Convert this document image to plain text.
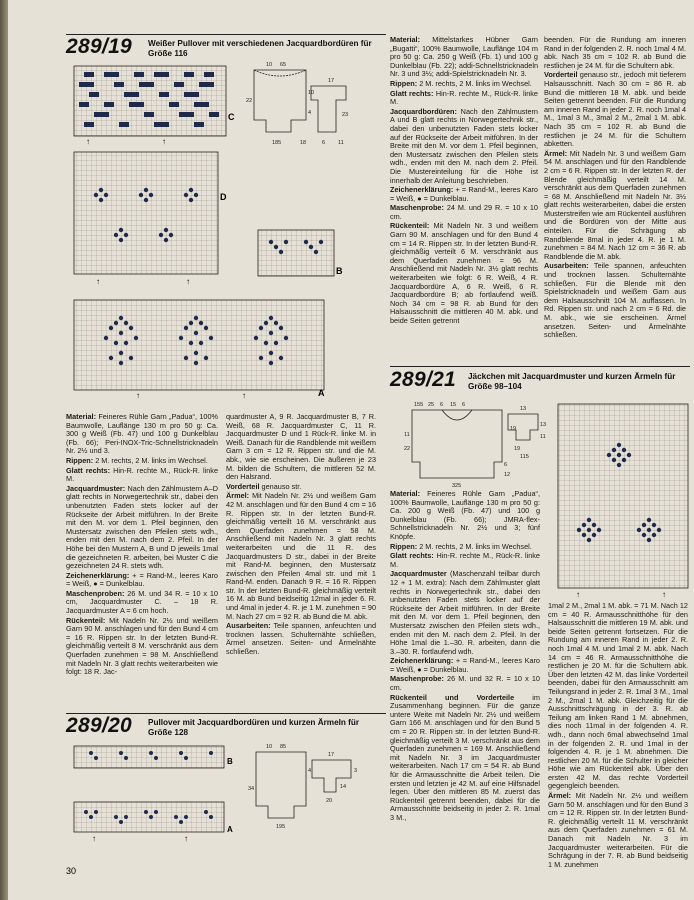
289/19 Weißer Pullover mit verschiedenen Jacquardbordüren für Größe 116
C
↑	↑
10 65
17
22
4
10
23
6 11
185	18
D
↑	↑
B
A
↑	↑

Material: Feineres Rühle Garn „Padua“, 100% Baumwolle, Lauflänge 130 m pro 50 g: Ca. 300 g Weiß (Fb. 47) und 100 g Dunkelblau (Fb. 66); Peri-INOX-Tric-Schnellstricknadeln Nr. 2½ und 3.

Rippen: 2 M. rechts, 2 M. links im Wechsel.

Glatt rechts: Hin-R. rechte M., Rück-R. linke M.

Jacquardmuster: Nach den Zählmustern A–D glatt rechts in Norwegertechnik str., dabei den unbenutzten Faden stets locker auf der Rückseite der Arbeit mitführen. In der Breite mit den M. vor dem 1. Pfeil beginnen, den Mustersatz zwischen den Pfeilen stets wdh., enden mit den M. nach dem 2. Pfeil. In der Höhe bei den Mustern A, B und D jeweils 1mal die gezeichneten R. arbeiten, bei Muster C die gezeichneten 24 R. stets wdh.

Zeichenerklärung: + = Rand-M., leeres Karo = Weiß, ● = Dunkelblau.

Maschenproben: 26 M. und 34 R. = 10 x 10 cm, Jacquardmuster C. – 18 R. Jacquardmuster A = 6 cm hoch.

Rückenteil: Mit Nadeln Nr. 2½ und weißem Garn 90 M. anschlagen und für den Bund 4 cm = 16 R. Rippen str. In der letzten Bund-R. gleichmäßig verteilt 8 M. verschränkt aus dem Querfaden zunehmen = 98 M. Anschließend mit Nadeln Nr. 3 glatt rechts weiterarbeiten wie folgt: 18 R. Jac-

quardmuster A, 9 R. Jacquardmuster B, 7 R. Weiß, 68 R. Jacquardmuster C, 11 R. Jacquardmuster D und 1 Rück-R. linke M. in Weiß. Danach für die Randblende mit weißem Garn 3 cm = 12 R. Rippen str. und die M. abk., wie sie erscheinen. Die äußeren je 23 M. bilden die Schultern, die mittleren 52 M. den Halsrand.

Vorderteil genauso str.

Ärmel: Mit Nadeln Nr. 2½ und weißem Garn 42 M. anschlagen und für den Bund 4 cm = 16 R. Rippen str. In der letzten Bund-R. gleichmäßig verteilt 16 M. verschränkt aus dem Querfaden zunehmen = 58 M. Anschließend mit Nadeln Nr. 3 glatt rechts weiterarbeiten und die 11 R. des Jacquardmusters D str., dabei in der Breite mit Rand-M. beginnen, den Mustersatz zwischen den Pfeilen 4mal str. und mit 1 Rand-M. enden. Danach 9 R. = 16 R. Rippen str. In der letzten Bund-R. gleichmäßig verteilt 16 M. ab Bund beidseitig 12mal in jeder 6. R. und 4mal in jeder 4. R. je 1 M. zunehmen = 90 M. Nach 27 cm = 92 R. ab Bund die M. abk.

Ausarbeiten: Teile spannen, anfeuchten und trocknen lassen. Schulternähte schließen, Ärmel ansetzen. Seiten- und Ärmelnähte schließen.

289/20 Pullover mit Jacquardbordüren und kurzen Ärmeln für Größe 128
B
A
↑	↑
10 85
17
4
34	14
3
195
20
30

Material: Mittelstarkes Hübner Garn „Bugatti“, 100% Baumwolle, Lauflänge 104 m pro 50 g: Ca. 250 g Weiß (Fb. 1) und 100 g Dunkelblau (Fb. 22); addi-Schnellstricknadeln Nr. 3 und 3½; addi-Spielstricknadeln Nr. 3.

Rippen: 2 M. rechts, 2 M. links im Wechsel.

Glatt rechts: Hin-R. rechte M., Rück-R. linke M.

Jacquardbordüren: Nach den Zählmustern A und B glatt rechts in Norwegertechnik str., dabei den unbenutzten Faden stets locker auf der Rückseite der Arbeit mitführen. In der Breite mit den M. vor dem 1. Pfeil beginnen, den Mustersatz zwischen den Pfeilen stets wdh., enden mit den M. nach dem 2. Pfeil. Die Mustereinteilung für die Höhe ist innerhalb der Anleitung beschrieben.

Zeichenerklärung: + = Rand-M., leeres Karo = Weiß, ● = Dunkelblau.

Maschenprobe: 24 M. und 29 R. = 10 x 10 cm.

Rückenteil: Mit Nadeln Nr. 3 und weißem Garn 90 M. anschlagen und für den Bund 4 cm = 14 R. Rippen str. In der letzten Bund-R. gleichmäßig verteilt 6 M. verschränkt aus dem Querfaden zunehmen = 96 M. Anschließend mit Nadeln Nr. 3½ glatt rechts weiterarbeiten wie folgt: 6 R. Weiß, 4 R. Jacquardbordüre A, 6 R. Weiß, 6 R. Jacquardbordüre B; ab fortlaufend weiß. Noch 34 cm = 98 R. ab Bund für den Halsausschnitt die mittleren 40 M. abk. und beide Seiten getrennt

beenden. Für die Rundung am inneren Rand in der folgenden 2. R. noch 1mal 4 M. abk. Nach 35 cm = 102 R. ab Bund die restlichen je 24 M. für die Schultern abk.

Vorderteil genauso str., jedoch mit tieferem Halsausschnitt. Nach 30 cm = 86 R. ab Bund die mittleren 18 M. abk. und beide Seiten getrennt beenden. Für die Rundung am inneren Rand in jeder 2. R. noch 1mal 4 M., 1mal 3 M., 3mal 2 M., 2mal 1 M. abk. Nach 35 cm = 102 R. ab Bund die restlichen je 24 M. für die Schultern abketten.

Ärmel: Mit Nadeln Nr. 3 und weißem Garn 54 M. anschlagen und für den Randblende 2 cm = 6 R. Rippen str. In der letzten R. der Blende gleichmäßig verteilt 14 M. verschränkt aus dem Querfaden zunehmen = 68 M. Anschließend mit Nadeln Nr. 3½ glatt rechts weiterarbeiten, dabei die ersten Musterstreifen wie am Rückenteil ausführen und die Bordüren von der Mitte aus einteilen. Für die Schrägung ab Randblende 8mal in jeder 4. R. je 1 M. zunehmen = 84 M. Nach 12 cm = 36 R. ab Randblende die M. abk.

Ausarbeiten: Teile spannen, anfeuchten und trocknen lassen. Schulternähte schließen. Für die Blende mit den Spielstricknadeln und weißem Garn aus dem Halsausschnitt 104 M. auffassen. In Rd. Rippen str. und nach 2 cm = 6 Rd. die M. abk., wie sie erscheinen. Ärmel ansetzen. Seiten- und Ärmelnähte schließen.

289/21 Jäckchen mit Jacquardmuster und kurzen Ärmeln für Größe 98–104
155 25 6 15 6
13
19
13
11
19
115
325
11
22
6
12
↑	↑

Material: Feineres Rühle Garn „Padua“, 100% Baumwolle, Lauflänge 130 m pro 50 g: Ca. 200 g Weiß (Fb. 47) und 100 g Dunkelblau (Fb. 66); JMRA-flex-Schnellstricknadeln Nr. 2½ und 3; fünf Knöpfe.

Rippen: 2 M. rechts, 2 M. links im Wechsel.

Glatt rechts: Hin-R. rechte M., Rück-R. linke M.

Jacquardmuster (Maschenzahl teilbar durch 12 + 1 M. extra): Nach dem Zählmuster glatt rechts in Norwegertechnik str., dabei den unbenutzten Faden stets locker auf der Rückseite der Arbeit mitführen. In der Breite mit den M. vor dem 1. Pfeil beginnen, den Mustersatz zwischen den Pfeilen stets wdh., enden mit den M. nach dem 2. Pfeil. In der Höhe 1mal die 1.–30. R. arbeiten, dann die 3.–30. R. fortlaufend wdh.

Zeichenerklärung: + = Rand-M., leeres Karo = Weiß, ● = Dunkelblau.

Maschenprobe: 26 M. und 32 R. = 10 x 10 cm.

Rückenteil und Vorderteile im Zusammenhang beginnen. Für die ganze untere Weite mit Nadeln Nr. 2½ und weißem Garn 166 M. anschlagen und für den Bund 5 cm = 20 R. Rippen str. In der letzten Bund-R. gleichmäßig verteilt 3 M. verschränkt aus dem Querfaden zunehmen = 169 M. Anschließend mit Nadeln Nr. 3 im Jacquardmuster weiterarbeiten. Nach 17 cm = 54 R. ab Bund für die Armausschnitte die Arbeit teilen. Die ersten und letzten je 42 M. auf eine Hilfsnadel legen. Über den mittleren 85 M. zuerst das Rückenteil getrennt beenden, dabei für die Armausschnitte beidseitig in jeder 2. R. 1mal 3 M.,

1mal 2 M., 2mal 1 M. abk. = 71 M. Nach 12 cm = 40 R. Armausschnitthöhe für den Halsausschnitt die mittleren 19 M. abk. und beide Seiten getrennt fortsetzen. Für die Rundung am inneren Rand in jeder 2. R. noch 1mal 4 M. und 1mal 2 M. abk. Nach 14 cm = 46 R. Armausschnitthöhe die restlichen je 20 M. für die Schultern abk. Über den letzten 42 M. das linke Vorderteil beenden, dabei für den Armausschnitt am Teilungsrand in jeder 2. R. 1mal 3 M., 1mal 2 M., 2mal 1 M. abk. Gleichzeitig für die Ausschnittschrägung in der 3. R. ab Teilung am linken Rand 1 M. abnehmen, dies noch 11mal in der folgenden 4. R. wdh., dann noch 6mal abwechselnd 1mal in der folgenden 2. R. und 1mal in der folgenden 4. R. je 1 M. abnehmen. Die restlichen 20 M. für die Schulter in gleicher Höhe wie am Rückenteil abk. Über den ersten 42 M. das rechte Vorderteil gegengleich beenden.

Ärmel: Mit Nadeln Nr. 2½ und weißem Garn 50 M. anschlagen und für den Bund 3 cm = 12 R. Rippen str. In der letzten Bund-R. gleichmäßig verteilt 11 M. verschränkt aus dem Querfaden zunehmen = 61 M. Danach mit Nadeln Nr. 3 im Jacquardmuster weiterarbeiten. Für die Schrägung in der 7. R. ab Bund beidseitig 1 M. zunehmen
